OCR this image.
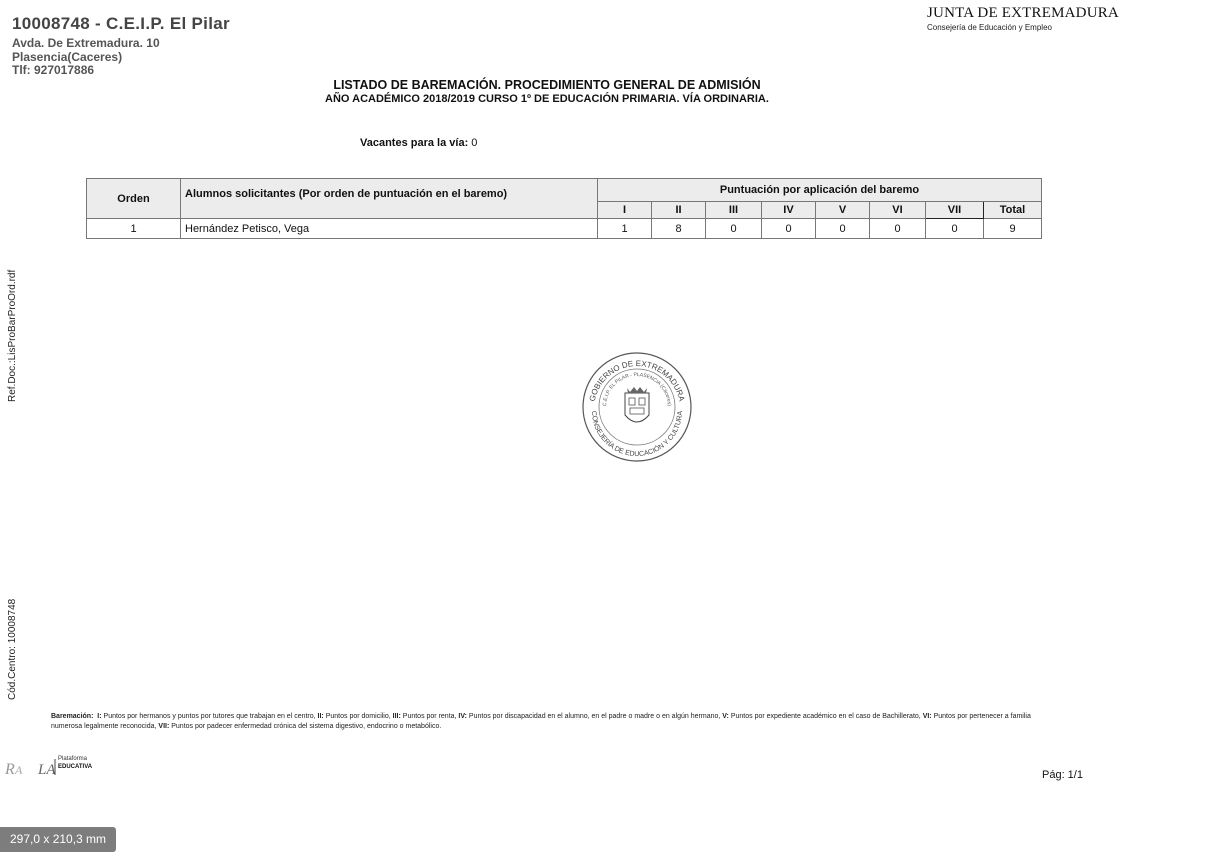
10008748 - C.E.I.P. El Pilar
Avda. De Extremadura. 10
Plasencia(Caceres)
Tlf: 927017886
JUNTA DE EXTREMADURA
Consejería de Educación y Empleo
LISTADO DE BAREMACIÓN. PROCEDIMIENTO GENERAL DE ADMISIÓN
AÑO ACADÉMICO 2018/2019 CURSO 1º DE EDUCACIÓN PRIMARIA. VÍA ORDINARIA.
Vacantes para la vía: 0
Orden	Alumnos solicitantes (Por orden de puntuación en el baremo)	Puntuación por aplicación del baremo							
		I	II	III	IV	V	VI	VII	Total
1	Hernández Petisco, Vega	1	8	0	0	0	0	0	9
GOBIERNO DE EXTREMADURA
C.E.I.P. EL PILAR - PLASENCIA (Cáceres)
CONSEJERÍA DE EDUCACIÓN Y CULTURA
Ref.Doc.:LisProBarProOrd.rdf
Cód.Centro: 10008748
Baremación: I: Puntos por hermanos y puntos por tutores que trabajan en el centro, II: Puntos por domicilio, III: Puntos por renta, IV: Puntos por discapacidad en el alumno, en el padre o madre o en algún hermano, V: Puntos por expediente académico en el caso de Bachillerato, VI: Puntos por pertenecer a familia numerosa legalmente reconocida, VII: Puntos por padecer enfermedad crónica del sistema digestivo, endocrino o metabólico.
R A LA
Plataforma
EDUCATIVA
Pág: 1/1
297,0 x 210,3 mm
